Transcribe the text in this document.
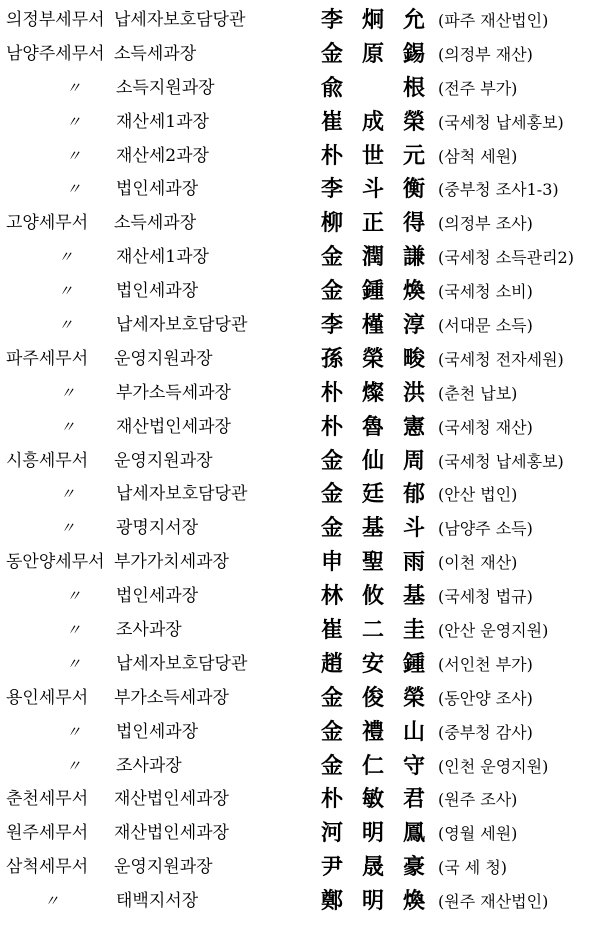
의정부세무서 납세자보호담당관	李 炯 允 (파주 재산법인)
남양주세무서 소득세과장	金 原 錫 (의정부 재산)
〃 소득지원과장	兪	根 (전주 부가)
〃 재산세1과장	崔 成 榮 (국세청 납세홍보)
〃 재산세2과장	朴 世 元 (삼척 세원)
〃 법인세과장	李 斗 衡 (중부청 조사1-3)
고양세무서 소득세과장	柳 正 得 (의정부 조사)
〃	재산세1과장	金 潤 謙 (국세청 소득관리2)
〃	법인세과장	金 鍾 煥 (국세청 소비)
〃	납세자보호담당관	李 槿 淳 (서대문 소득)
파주세무서 운영지원과장	孫 榮 畯 (국세청 전자세원)
〃 부가소득세과장	朴 燦 洪 (춘천 납보)
〃 재산법인세과장	朴 魯 憲 (국세청 재산)
시흥세무서 운영지원과장	金 仙 周 (국세청 납세홍보)
〃 납세자보호담당관	金 廷 郁 (안산 법인)
〃 광명지서장	金 基 斗 (남양주 소득)
동안양세무서 부가가치세과장	申 聖 雨 (이천 재산)
〃 법인세과장	林 攸 基 (국세청 법규)
〃 조사과장	崔 二 圭 (안산 운영지원)
〃 납세자보호담당관	趙 安 鍾 (서인천 부가)
용인세무서 부가소득세과장	金 俊 榮 (동안양 조사)
〃 법인세과장	金 禮 山 (중부청 감사)
〃 조사과장	金 仁 守 (인천 운영지원)
춘천세무서 재산법인세과장	朴 敏 君 (원주 조사)
원주세무서 재산법인세과장	河 明 鳳 (영월 세원)
삼척세무서 운영지원과장	尹 晟 豪 (국 세 청)
〃	태백지서장	鄭 明 煥 (원주 재산법인)
